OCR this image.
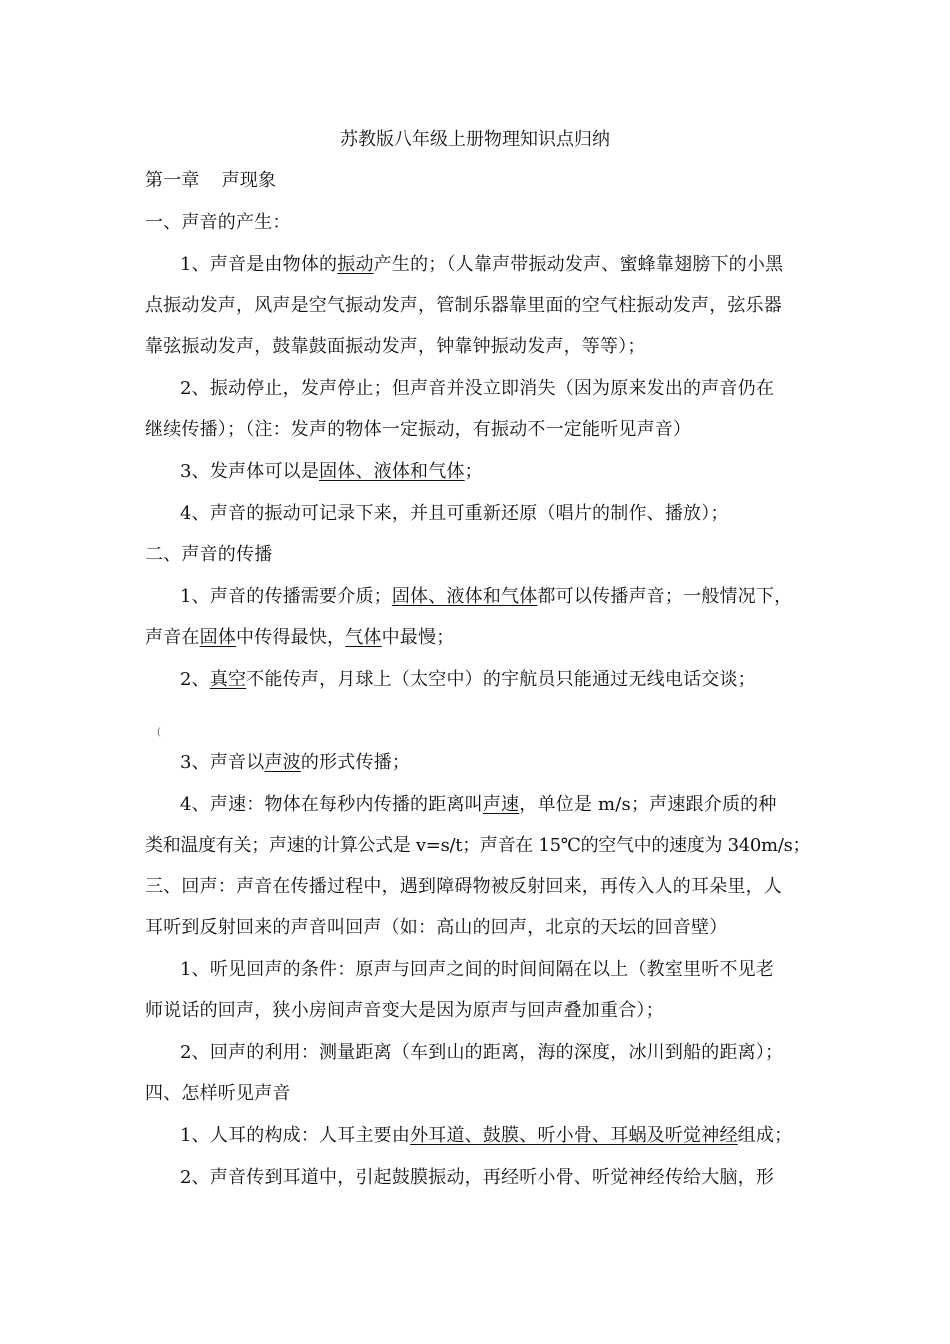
苏教版八年级上册物理知识点归纳
第一章 声现象
一、声音的产生：
1、声音是由物体的振动产生的；（人靠声带振动发声、蜜蜂靠翅膀下的小黑
点振动发声，风声是空气振动发声，管制乐器靠里面的空气柱振动发声，弦乐器
靠弦振动发声，鼓靠鼓面振动发声，钟靠钟振动发声，等等）；
2、振动停止，发声停止；但声音并没立即消失（因为原来发出的声音仍在
继续传播）；（注：发声的物体一定振动，有振动不一定能听见声音）
3、发声体可以是固体、液体和气体；
4、声音的振动可记录下来，并且可重新还原（唱片的制作、播放）；
二、声音的传播
1、声音的传播需要介质；固体、液体和气体都可以传播声音；一般情况下，
声音在固体中传得最快，气体中最慢；
2、真空不能传声，月球上（太空中）的宇航员只能通过无线电话交谈；
(
3、声音以声波的形式传播；
4、声速：物体在每秒内传播的距离叫声速，单位是 m/s；声速跟介质的种
类和温度有关；声速的计算公式是 v=s/t；声音在 15℃的空气中的速度为 340m/s；
三、回声：声音在传播过程中，遇到障碍物被反射回来，再传入人的耳朵里，人
耳听到反射回来的声音叫回声（如：高山的回声，北京的天坛的回音壁）
1、听见回声的条件：原声与回声之间的时间间隔在以上（教室里听不见老
师说话的回声，狭小房间声音变大是因为原声与回声叠加重合）；
2、回声的利用：测量距离（车到山的距离，海的深度，冰川到船的距离）；
四、怎样听见声音
1、人耳的构成：人耳主要由外耳道、鼓膜、听小骨、耳蜗及听觉神经组成；
2、声音传到耳道中，引起鼓膜振动，再经听小骨、听觉神经传给大脑，形
